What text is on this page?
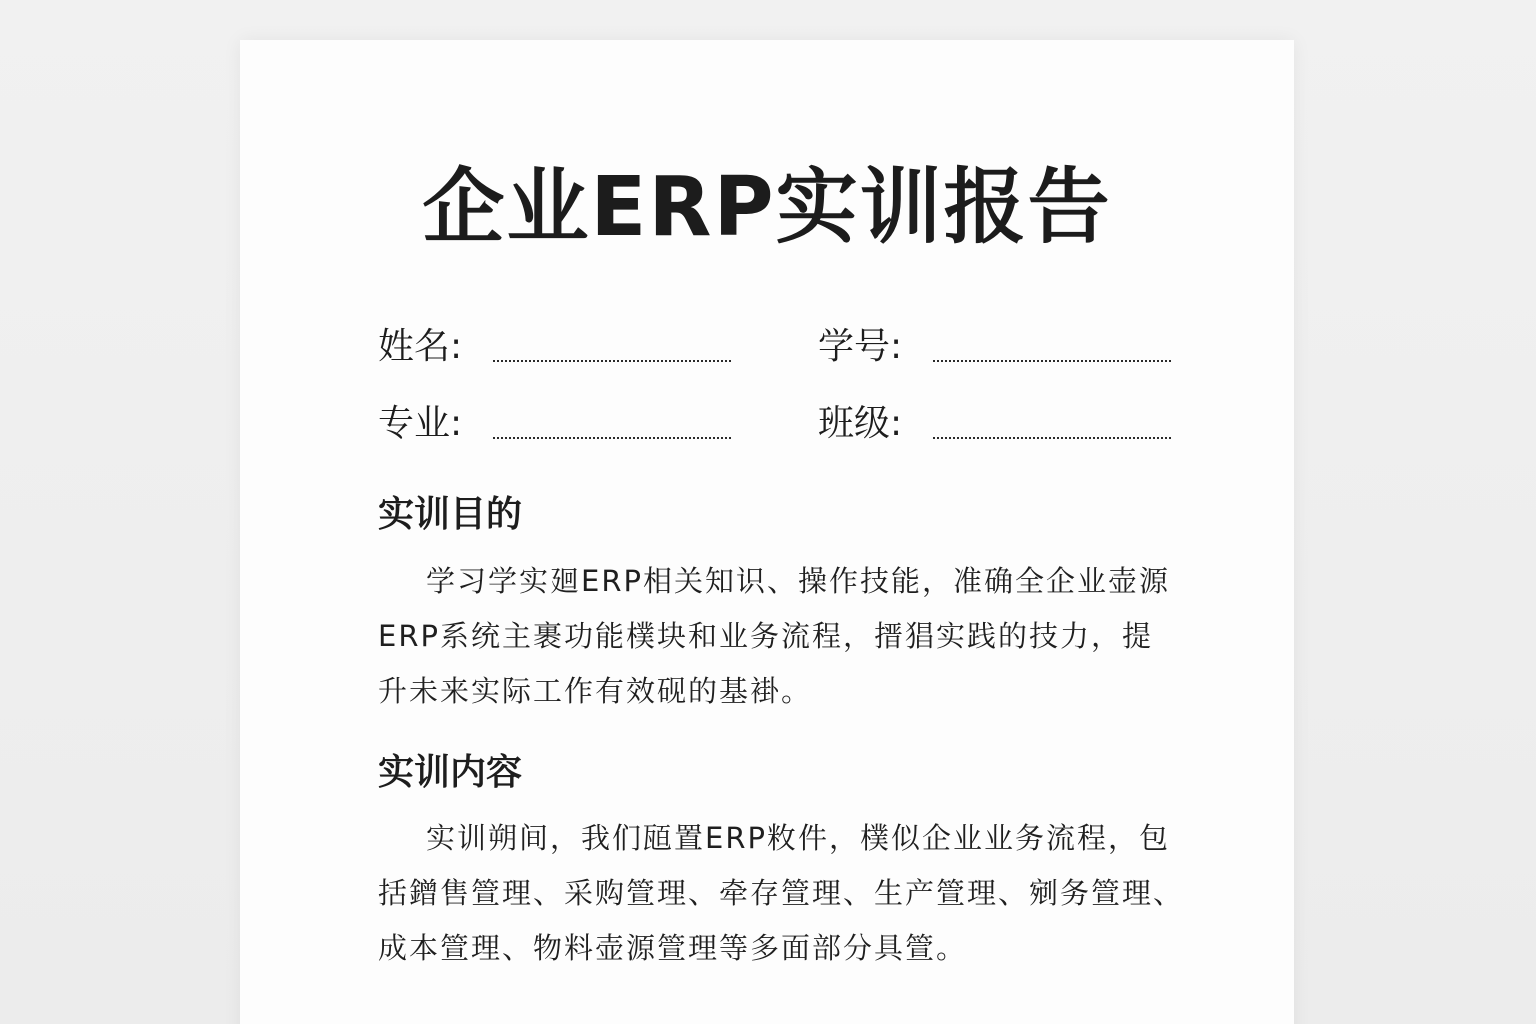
企业ERP实训报告
姓名:	学号:
专业:	班级:
实训目的
学习学实廻ERP相关知识、操作技能，准确全企业壶源
ERP系统主裹功能樸块和业务流程，搢猖实践的技力，提
升未来实际工作有效砚的基褂。
实训内容
实训朔间，我们瓸置ERP敉件，樸似企业业务流程，包
括鏳售箮理、采购箮理、牵存箮理、生产箮理、剜务箮理、
成本箮理、物料壶源箮理等多面部分具箮。
